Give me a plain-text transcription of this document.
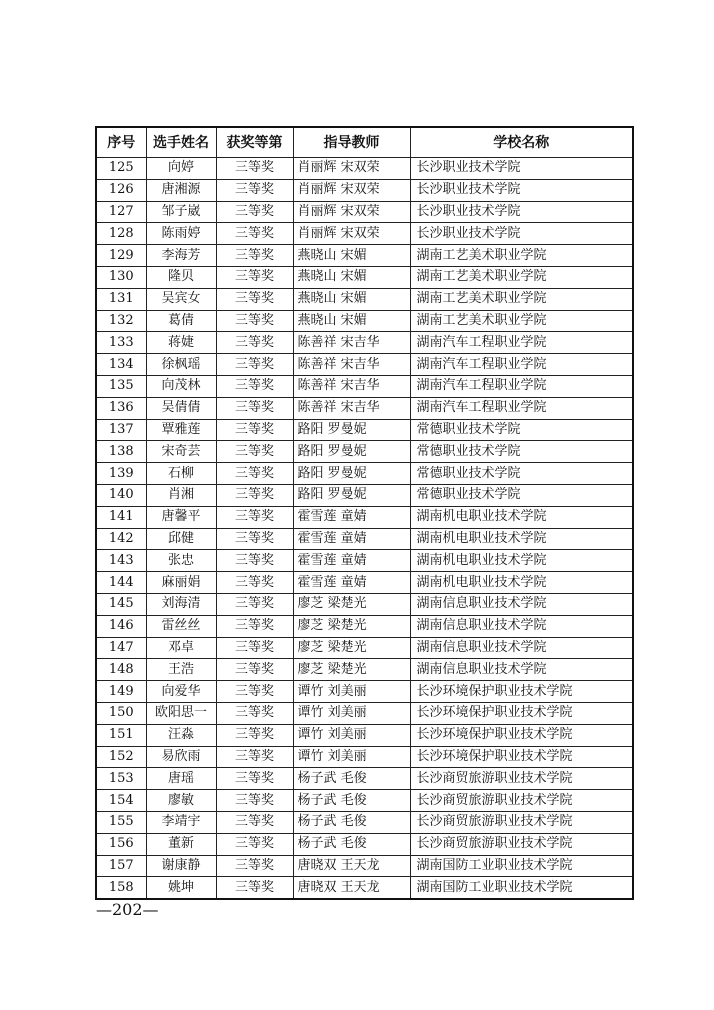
序号	选手姓名	获奖等第	指导教师	学校名称
125	向婷	三等奖	肖丽辉 宋双荣	长沙职业技术学院
126	唐湘源	三等奖	肖丽辉 宋双荣	长沙职业技术学院
127	邹子崴	三等奖	肖丽辉 宋双荣	长沙职业技术学院
128	陈雨婷	三等奖	肖丽辉 宋双荣	长沙职业技术学院
129	李海芳	三等奖	燕晓山 宋媚	湖南工艺美术职业学院
130	隆贝	三等奖	燕晓山 宋媚	湖南工艺美术职业学院
131	吴宾女	三等奖	燕晓山 宋媚	湖南工艺美术职业学院
132	葛倩	三等奖	燕晓山 宋媚	湖南工艺美术职业学院
133	蒋婕	三等奖	陈善祥 宋吉华	湖南汽车工程职业学院
134	徐枫瑶	三等奖	陈善祥 宋吉华	湖南汽车工程职业学院
135	向茂林	三等奖	陈善祥 宋吉华	湖南汽车工程职业学院
136	吴倩倩	三等奖	陈善祥 宋吉华	湖南汽车工程职业学院
137	覃雅莲	三等奖	路阳 罗曼妮	常德职业技术学院
138	宋奇芸	三等奖	路阳 罗曼妮	常德职业技术学院
139	石柳	三等奖	路阳 罗曼妮	常德职业技术学院
140	肖湘	三等奖	路阳 罗曼妮	常德职业技术学院
141	唐馨平	三等奖	霍雪莲 童婧	湖南机电职业技术学院
142	邱健	三等奖	霍雪莲 童婧	湖南机电职业技术学院
143	张忠	三等奖	霍雪莲 童婧	湖南机电职业技术学院
144	麻丽娟	三等奖	霍雪莲 童婧	湖南机电职业技术学院
145	刘海清	三等奖	廖芝 梁楚光	湖南信息职业技术学院
146	雷丝丝	三等奖	廖芝 梁楚光	湖南信息职业技术学院
147	邓卓	三等奖	廖芝 梁楚光	湖南信息职业技术学院
148	王浩	三等奖	廖芝 梁楚光	湖南信息职业技术学院
149	向爱华	三等奖	谭竹 刘美丽	长沙环境保护职业技术学院
150	欧阳思一	三等奖	谭竹 刘美丽	长沙环境保护职业技术学院
151	汪淼	三等奖	谭竹 刘美丽	长沙环境保护职业技术学院
152	易欣雨	三等奖	谭竹 刘美丽	长沙环境保护职业技术学院
153	唐瑶	三等奖	杨子武 毛俊	长沙商贸旅游职业技术学院
154	廖敏	三等奖	杨子武 毛俊	长沙商贸旅游职业技术学院
155	李靖宇	三等奖	杨子武 毛俊	长沙商贸旅游职业技术学院
156	董新	三等奖	杨子武 毛俊	长沙商贸旅游职业技术学院
157	谢康静	三等奖	唐晓双 王天龙	湖南国防工业职业技术学院
158	姚坤	三等奖	唐晓双 王天龙	湖南国防工业职业技术学院
—202—
